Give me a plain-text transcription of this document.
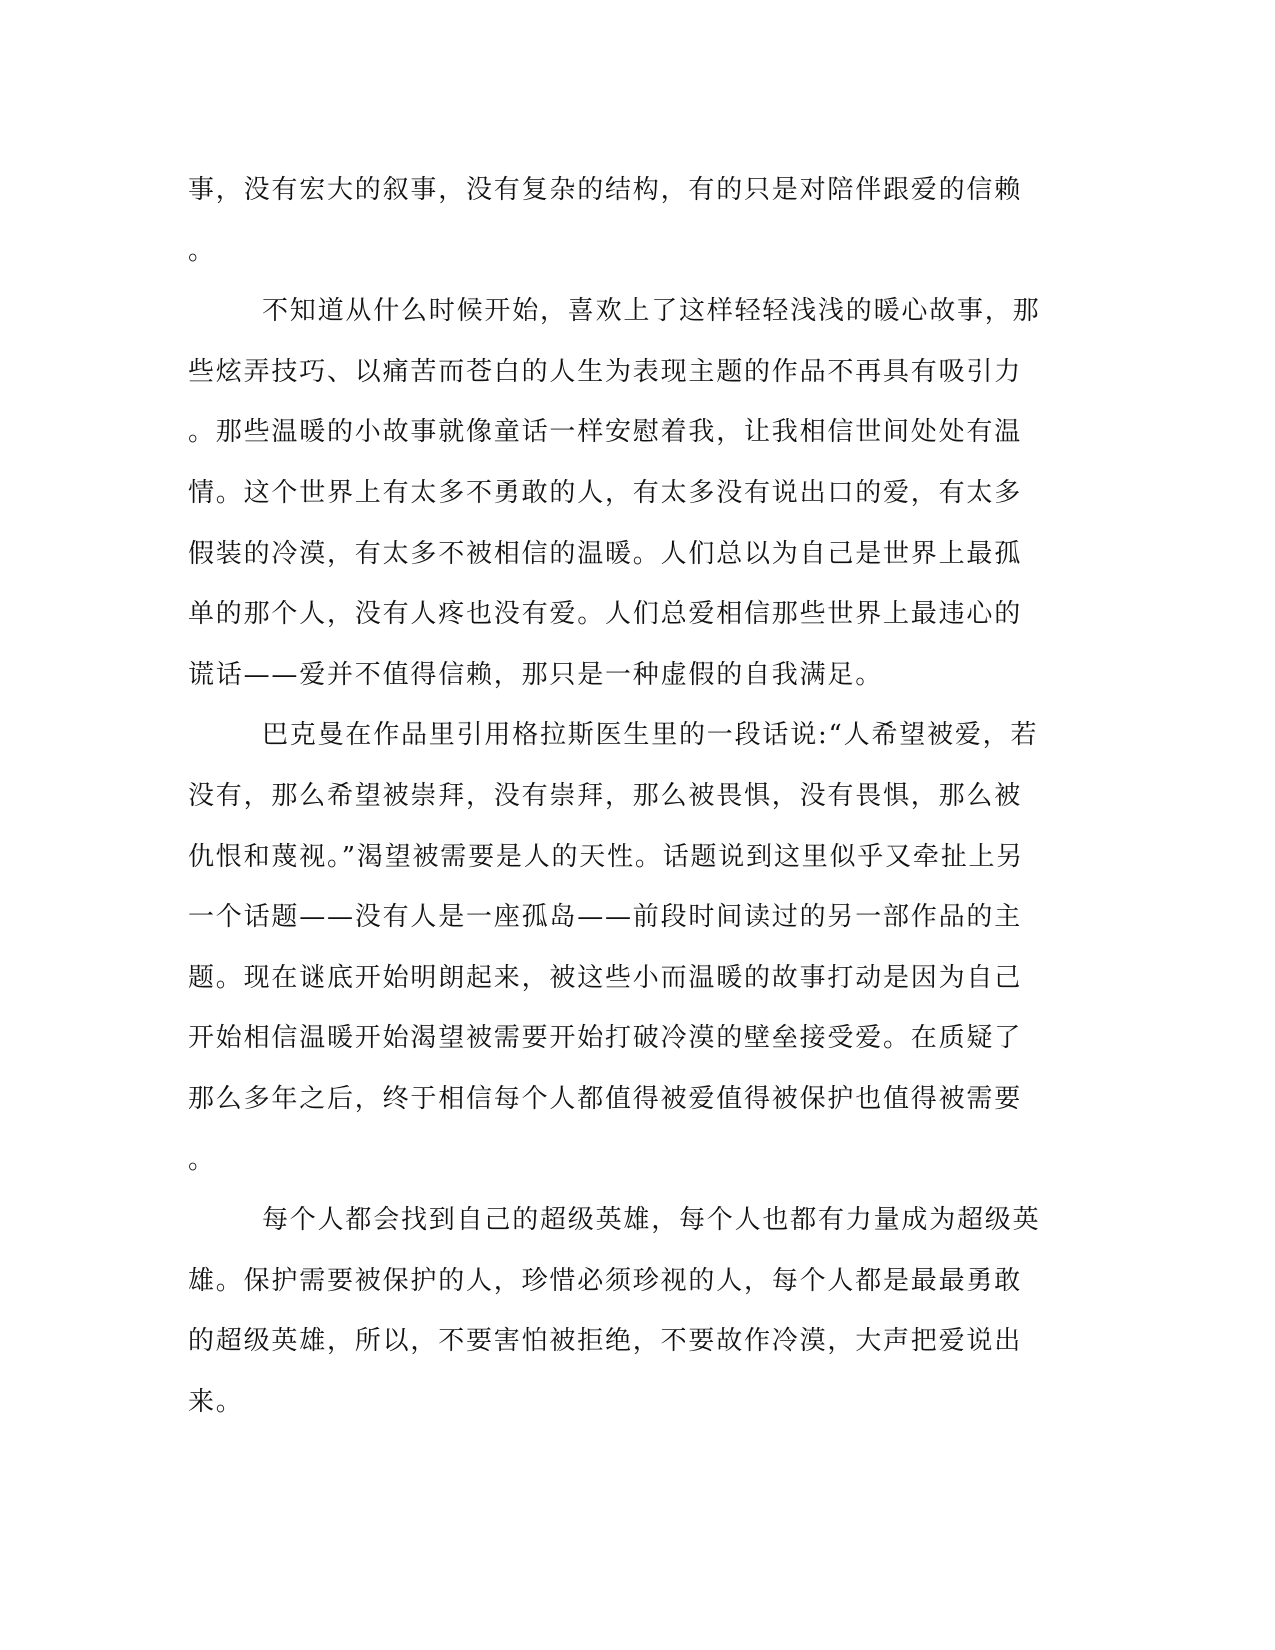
事，没有宏大的叙事，没有复杂的结构，有的只是对陪伴跟爱的信赖
。
不知道从什么时候开始，喜欢上了这样轻轻浅浅的暖心故事，那
些炫弄技巧、以痛苦而苍白的人生为表现主题的作品不再具有吸引力
。那些温暖的小故事就像童话一样安慰着我，让我相信世间处处有温
情。这个世界上有太多不勇敢的人，有太多没有说出口的爱，有太多
假装的冷漠，有太多不被相信的温暖。人们总以为自己是世界上最孤
单的那个人，没有人疼也没有爱。人们总爱相信那些世界上最违心的
谎话——爱并不值得信赖，那只是一种虚假的自我满足。
巴克曼在作品里引用格拉斯医生里的一段话说:“人希望被爱，若
没有，那么希望被崇拜，没有崇拜，那么被畏惧，没有畏惧，那么被
仇恨和蔑视。”渴望被需要是人的天性。话题说到这里似乎又牵扯上另
一个话题——没有人是一座孤岛——前段时间读过的另一部作品的主
题。现在谜底开始明朗起来，被这些小而温暖的故事打动是因为自己
开始相信温暖开始渴望被需要开始打破冷漠的壁垒接受爱。在质疑了
那么多年之后，终于相信每个人都值得被爱值得被保护也值得被需要
。
每个人都会找到自己的超级英雄，每个人也都有力量成为超级英
雄。保护需要被保护的人，珍惜必须珍视的人，每个人都是最最勇敢
的超级英雄，所以，不要害怕被拒绝，不要故作冷漠，大声把爱说出
来。
